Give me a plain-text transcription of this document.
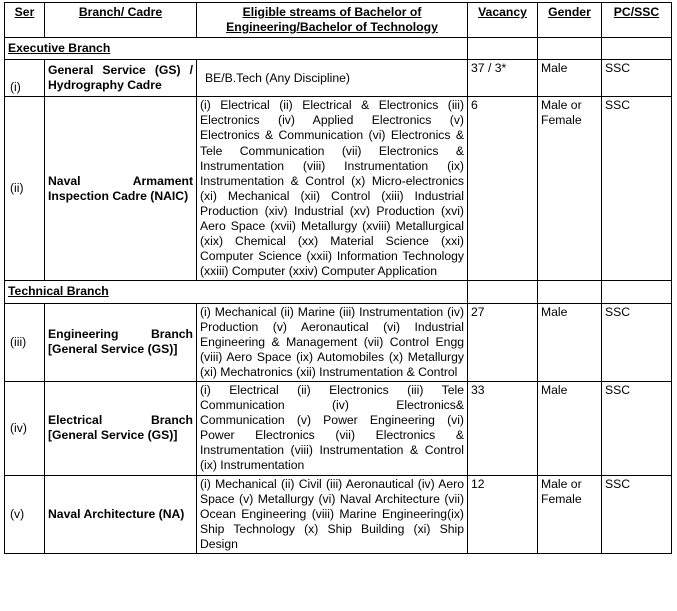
Ser	Branch/ Cadre	Eligible streams of Bachelor of Engineering/Bachelor of Technology	Vacancy	Gender	PC/SSC
Executive Branch					
(i)	General Service (GS) / Hydrography Cadre	BE/B.Tech (Any Discipline)	37 / 3*	Male	SSC
(ii)	Naval Armament Inspection Cadre (NAIC)	(i) Electrical (ii) Electrical & Electronics (iii) Electronics (iv) Applied Electronics (v) Electronics & Communication (vi) Electronics & Tele Communication (vii) Electronics & Instrumentation (viii) Instrumentation (ix) Instrumentation & Control (x) Micro-electronics (xi) Mechanical (xii) Control (xiii) Industrial Production (xiv) Industrial (xv) Production (xvi) Aero Space (xvii) Metallurgy (xviii) Metallurgical (xix) Chemical (xx) Material Science (xxi) Computer Science (xxii) Information Technology (xxiii) Computer (xxiv) Computer Application	6	Male or Female	SSC
Technical Branch					
(iii)	Engineering Branch [General Service (GS)]	(i) Mechanical (ii) Marine (iii) Instrumentation (iv) Production (v) Aeronautical (vi) Industrial Engineering & Management (vii) Control Engg (viii) Aero Space (ix) Automobiles (x) Metallurgy (xi) Mechatronics (xii) Instrumentation & Control	27	Male	SSC
(iv)	Electrical Branch [General Service (GS)]	(i) Electrical (ii) Electronics (iii) Tele Communication (iv) Electronics& Communication (v) Power Engineering (vi) Power Electronics (vii) Electronics & Instrumentation (viii) Instrumentation & Control (ix) Instrumentation	33	Male	SSC
(v)	Naval Architecture (NA)	(i) Mechanical (ii) Civil (iii) Aeronautical (iv) Aero Space (v) Metallurgy (vi) Naval Architecture (vii) Ocean Engineering (viii) Marine Engineering(ix) Ship Technology (x) Ship Building (xi) Ship Design	12	Male or Female	SSC
